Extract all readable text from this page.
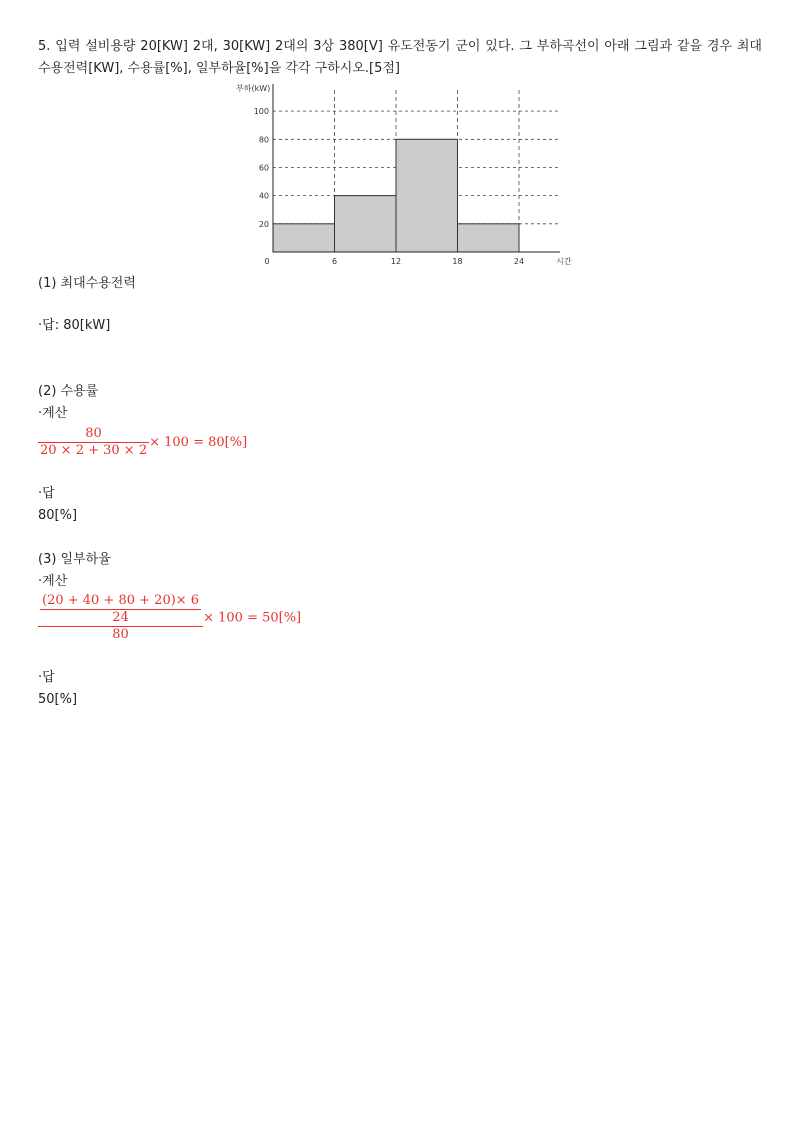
5. 입력 설비용량 20[KW] 2대, 30[KW] 2대의 3상 380[V] 유도전동기 군이 있다. 그 부하곡선이 아래 그림과 같을 경우 최대 수용전력[KW], 수용률[%], 일부하율[%]을 각각 구하시오.[5점]
20
40
60
80
100
0	6	12	18	24
부하(kW)
시간
(1) 최대수용전력
·답: 80[kW]
(2) 수용률
·계산
$\frac{80}{20 \times 2 + 30 \times 2} \times 100 = 80[\%]$
·답
80[%]
(3) 일부하율
·계산
$\frac{\frac{(20 + 40 + 80 + 20)\times 6}{24}}{80} \times 100 = 50[\%]$
·답
50[%]
